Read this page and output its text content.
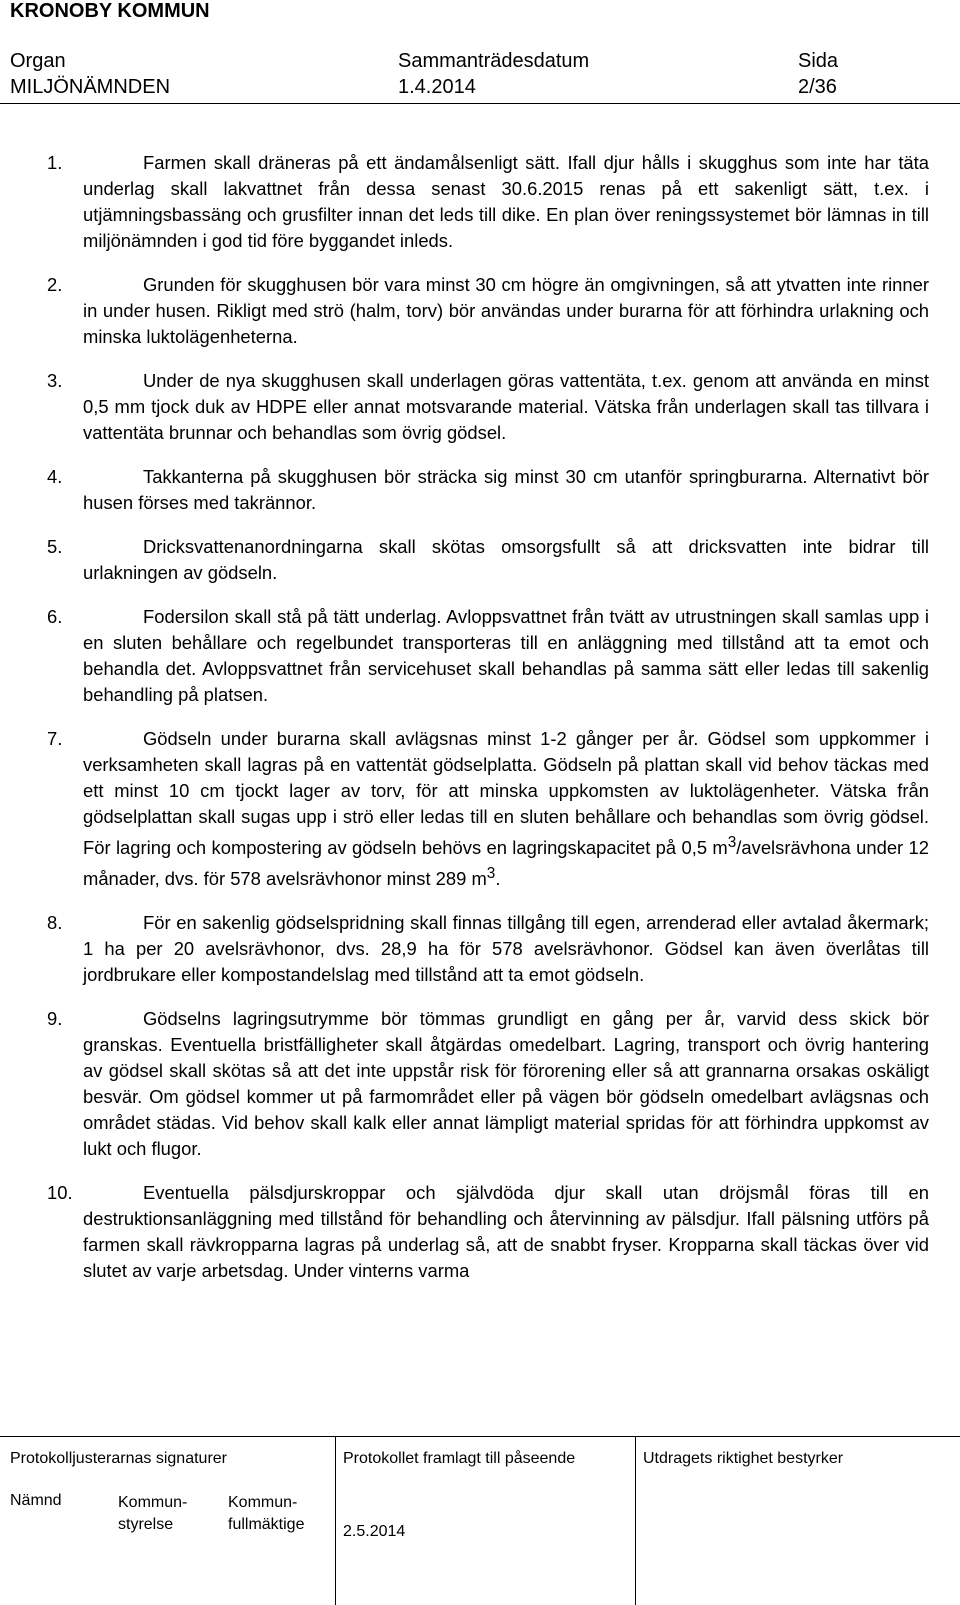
KRONOBY KOMMUN
Organ	Sammanträdesdatum	Sida
MILJÖNÄMNDEN	1.4.2014	2/36
1.	Farmen skall dräneras på ett ändamålsenligt sätt. Ifall djur hålls i skugghus som inte har täta underlag skall lakvattnet från dessa senast 30.6.2015 renas på ett sakenligt sätt, t.ex. i utjämningsbassäng och grusfilter innan det leds till dike. En plan över reningssystemet bör lämnas in till miljönämnden i god tid före byggandet inleds.
2.	Grunden för skugghusen bör vara minst 30 cm högre än omgivningen, så att ytvatten inte rinner in under husen. Rikligt med strö (halm, torv) bör användas under burarna för att förhindra urlakning och minska luktolägenheterna.
3.	Under de nya skugghusen skall underlagen göras vattentäta, t.ex. genom att använda en minst 0,5 mm tjock duk av HDPE eller annat motsvarande material. Vätska från underlagen skall tas tillvara i vattentäta brunnar och behandlas som övrig gödsel.
4.	Takkanterna på skugghusen bör sträcka sig minst 30 cm utanför springburarna. Alternativt bör husen förses med takrännor.
5.	Dricksvattenanordningarna skall skötas omsorgsfullt så att dricksvatten inte bidrar till urlakningen av gödseln.
6.	Fodersilon skall stå på tätt underlag. Avloppsvattnet från tvätt av utrustningen skall samlas upp i en sluten behållare och regelbundet transporteras till en anläggning med tillstånd att ta emot och behandla det. Avloppsvattnet från servicehuset skall behandlas på samma sätt eller ledas till sakenlig behandling på platsen.
7.	Gödseln under burarna skall avlägsnas minst 1-2 gånger per år. Gödsel som uppkommer i verksamheten skall lagras på en vattentät gödselplatta. Gödseln på plattan skall vid behov täckas med ett minst 10 cm tjockt lager av torv, för att minska uppkomsten av luktolägenheter. Vätska från gödselplattan skall sugas upp i strö eller ledas till en sluten behållare och behandlas som övrig gödsel. För lagring och kompostering av gödseln behövs en lagringskapacitet på 0,5 $m^3$/avelsrävhona under 12 månader, dvs. för 578 avelsrävhonor minst 289 $m^3$.
8.	För en sakenlig gödselspridning skall finnas tillgång till egen, arrenderad eller avtalad åkermark; 1 ha per 20 avelsrävhonor, dvs. 28,9 ha för 578 avelsrävhonor. Gödsel kan även överlåtas till jordbrukare eller kompostandelslag med tillstånd att ta emot gödseln.
9.	Gödselns lagringsutrymme bör tömmas grundligt en gång per år, varvid dess skick bör granskas. Eventuella bristfälligheter skall åtgärdas omedelbart. Lagring, transport och övrig hantering av gödsel skall skötas så att det inte uppstår risk för förorening eller så att grannarna orsakas oskäligt besvär. Om gödsel kommer ut på farmområdet eller på vägen bör gödseln omedelbart avlägsnas och området städas. Vid behov skall kalk eller annat lämpligt material spridas för att förhindra uppkomst av lukt och flugor.
10.	Eventuella pälsdjurskroppar och självdöda djur skall utan dröjsmål föras till en destruktionsanläggning med tillstånd för behandling och återvinning av pälsdjur. Ifall pälsning utförs på farmen skall rävkropparna lagras på underlag så, att de snabbt fryser. Kropparna skall täckas över vid slutet av varje arbetsdag. Under vinterns varma
Protokolljusterarnas signaturer
Nämnd	Kommun-
styrelse
Kommun-
fullmäktige
Protokollet framlagt till påseende
2.5.2014
Utdragets riktighet bestyrker
